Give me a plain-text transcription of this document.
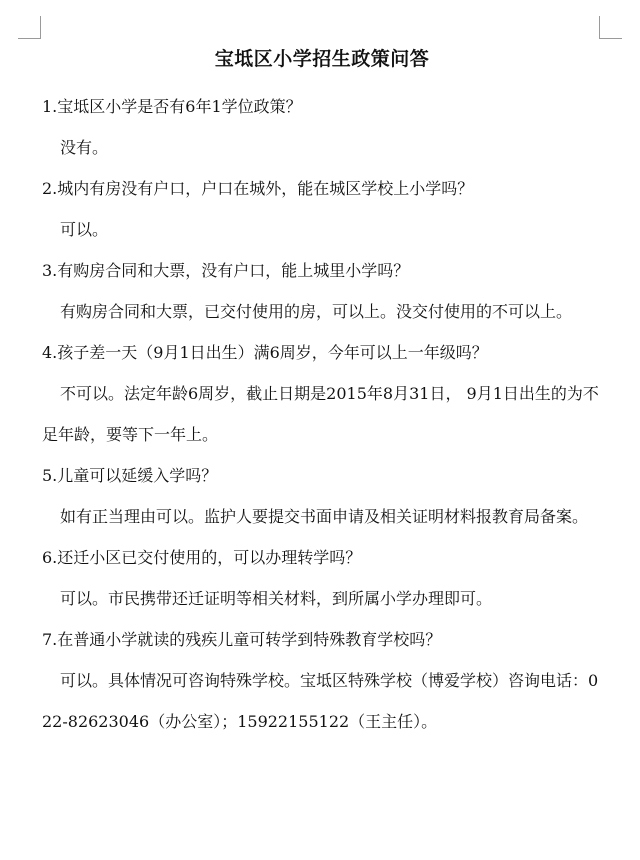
宝坻区小学招生政策问答

1.宝坻区小学是否有6年1学位政策？

没有。

2.城内有房没有户口，户口在城外，能在城区学校上小学吗？

可以。

3.有购房合同和大票，没有户口，能上城里小学吗？

有购房合同和大票，已交付使用的房，可以上。没交付使用的不可以上。

4.孩子差一天（9月1日出生）满6周岁，今年可以上一年级吗？

不可以。法定年龄6周岁，截止日期是2015年8月31日， 9月1日出生的为不足年龄，要等下一年上。

5.儿童可以延缓入学吗？

如有正当理由可以。监护人要提交书面申请及相关证明材料报教育局备案。

6.还迁小区已交付使用的，可以办理转学吗？

可以。市民携带还迁证明等相关材料，到所属小学办理即可。

7.在普通小学就读的残疾儿童可转学到特殊教育学校吗？

可以。具体情况可咨询特殊学校。宝坻区特殊学校（博爱学校）咨询电话：022-82623046（办公室）；15922155122（王主任）。
